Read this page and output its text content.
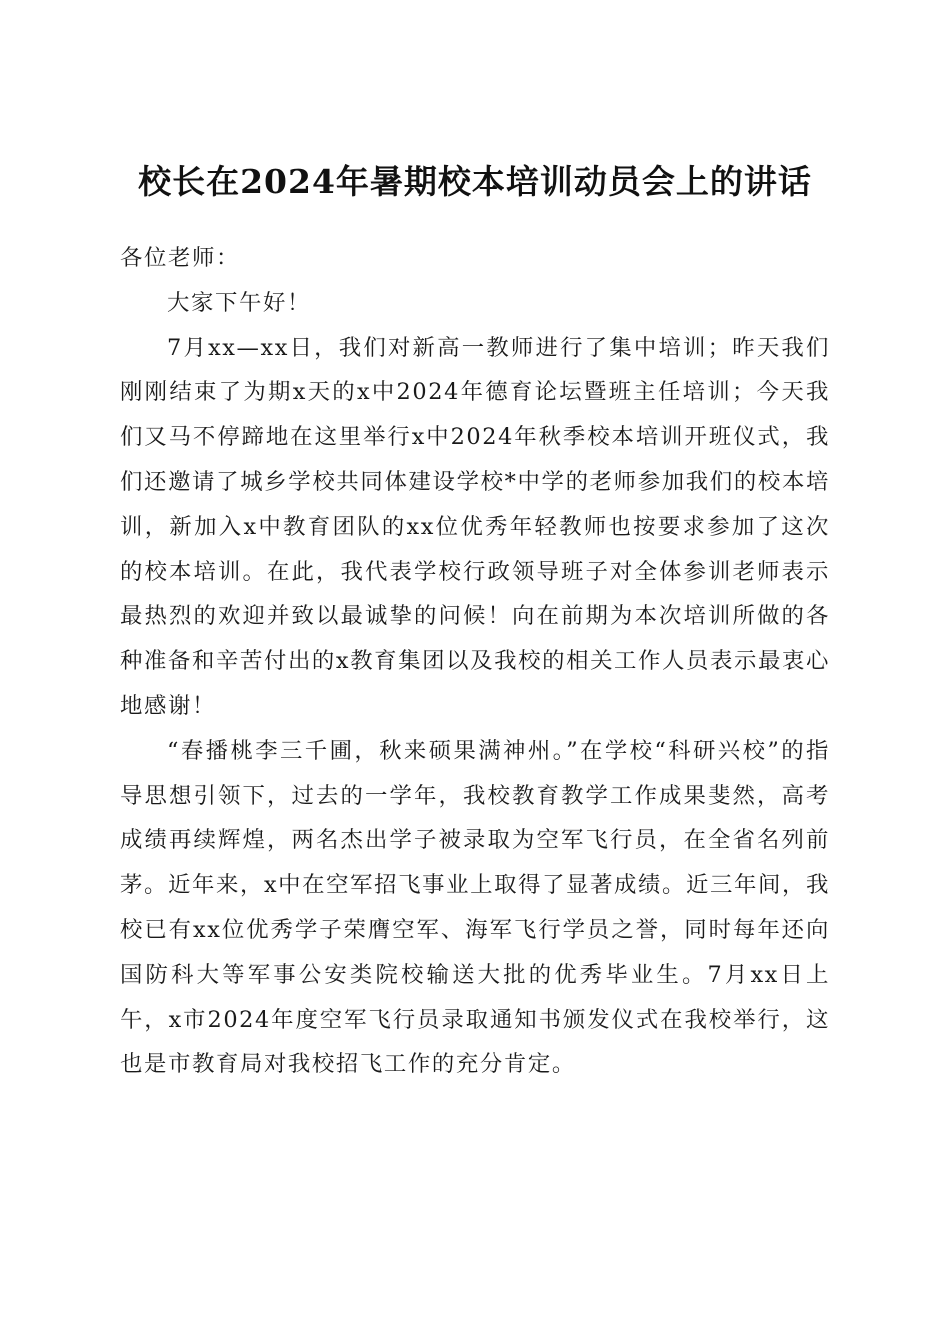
校长在2024年暑期校本培训动员会上的讲话

各位老师：

大家下午好！

7月xx—xx日，我们对新高一教师进行了集中培训；昨天我们刚刚结束了为期x天的x中2024年德育论坛暨班主任培训；今天我们又马不停蹄地在这里举行x中2024年秋季校本培训开班仪式，我们还邀请了城乡学校共同体建设学校*中学的老师参加我们的校本培训，新加入x中教育团队的xx位优秀年轻教师也按要求参加了这次的校本培训。在此，我代表学校行政领导班子对全体参训老师表示最热烈的欢迎并致以最诚挚的问候！向在前期为本次培训所做的各种准备和辛苦付出的x教育集团以及我校的相关工作人员表示最衷心地感谢！

“春播桃李三千圃，秋来硕果满神州。”在学校“科研兴校”的指导思想引领下，过去的一学年，我校教育教学工作成果斐然，高考成绩再续辉煌，两名杰出学子被录取为空军飞行员，在全省名列前茅。近年来，x中在空军招飞事业上取得了显著成绩。近三年间，我校已有xx位优秀学子荣膺空军、海军飞行学员之誉，同时每年还向国防科大等军事公安类院校输送大批的优秀毕业生。7月xx日上午，x市2024年度空军飞行员录取通知书颁发仪式在我校举行，这也是市教育局对我校招飞工作的充分肯定。
